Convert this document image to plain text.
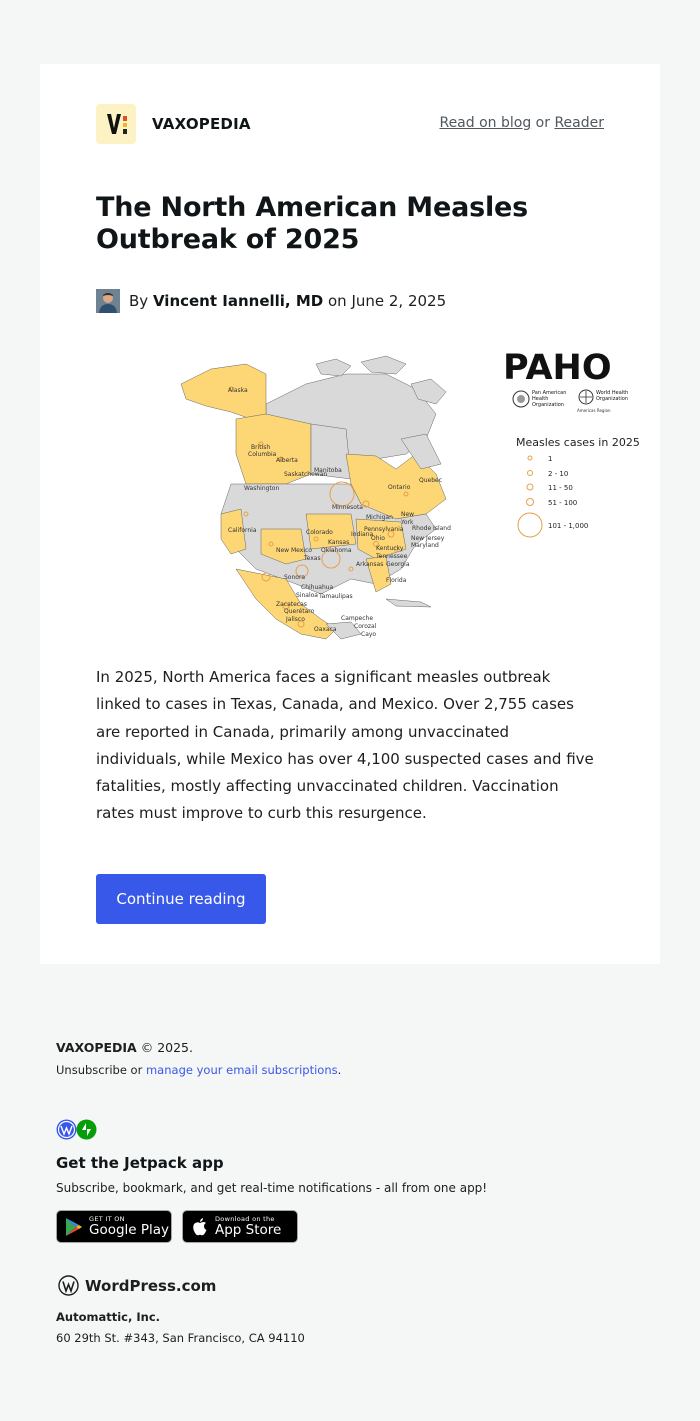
VAXOPEDIA	Read on blog or Reader
The North American Measles Outbreak of 2025
By Vincent Iannelli, MD on June 2, 2025
Alaska
British
Columbia
Alberta
Saskatchewan
Manitoba
Washington	Ontario
Quebec
Minnesota
Michigan New
York
California	Colorado
Kansas
Indiana
Pennsylvania
Ohio
Rhode Island
New Jersey
Maryland
New Mexico Oklahoma	Kentucky
Texas	Tennessee
Arkansas Georgia
Sonora	Florida
Chihuahua
Sinaloa Tamaulipas
Zacatecas
Querétaro
Jalisco	Campeche
Oaxaca	Corozal
Cayo
PAHO
Pan American
Health
Organization
World Health
Organization
Americas Region
Measles cases in 2025
1
2 - 10
11 - 50
51 - 100
101 - 1,000

In 2025, North America faces a significant measles outbreak linked to cases in Texas, Canada, and Mexico. Over 2,755 cases are reported in Canada, primarily among unvaccinated individuals, while Mexico has over 4,100 suspected cases and five fatalities, mostly affecting unvaccinated children. Vaccination rates must improve to curb this resurgence.

Continue reading
VAXOPEDIA © 2025.
Unsubscribe or manage your email subscriptions.
Get the Jetpack app
Subscribe, bookmark, and get real-time notifications - all from one app!
GET IT ON
Google Play
Download on the
App Store
WordPress.com
Automattic, Inc.
60 29th St. #343, San Francisco, CA 94110
